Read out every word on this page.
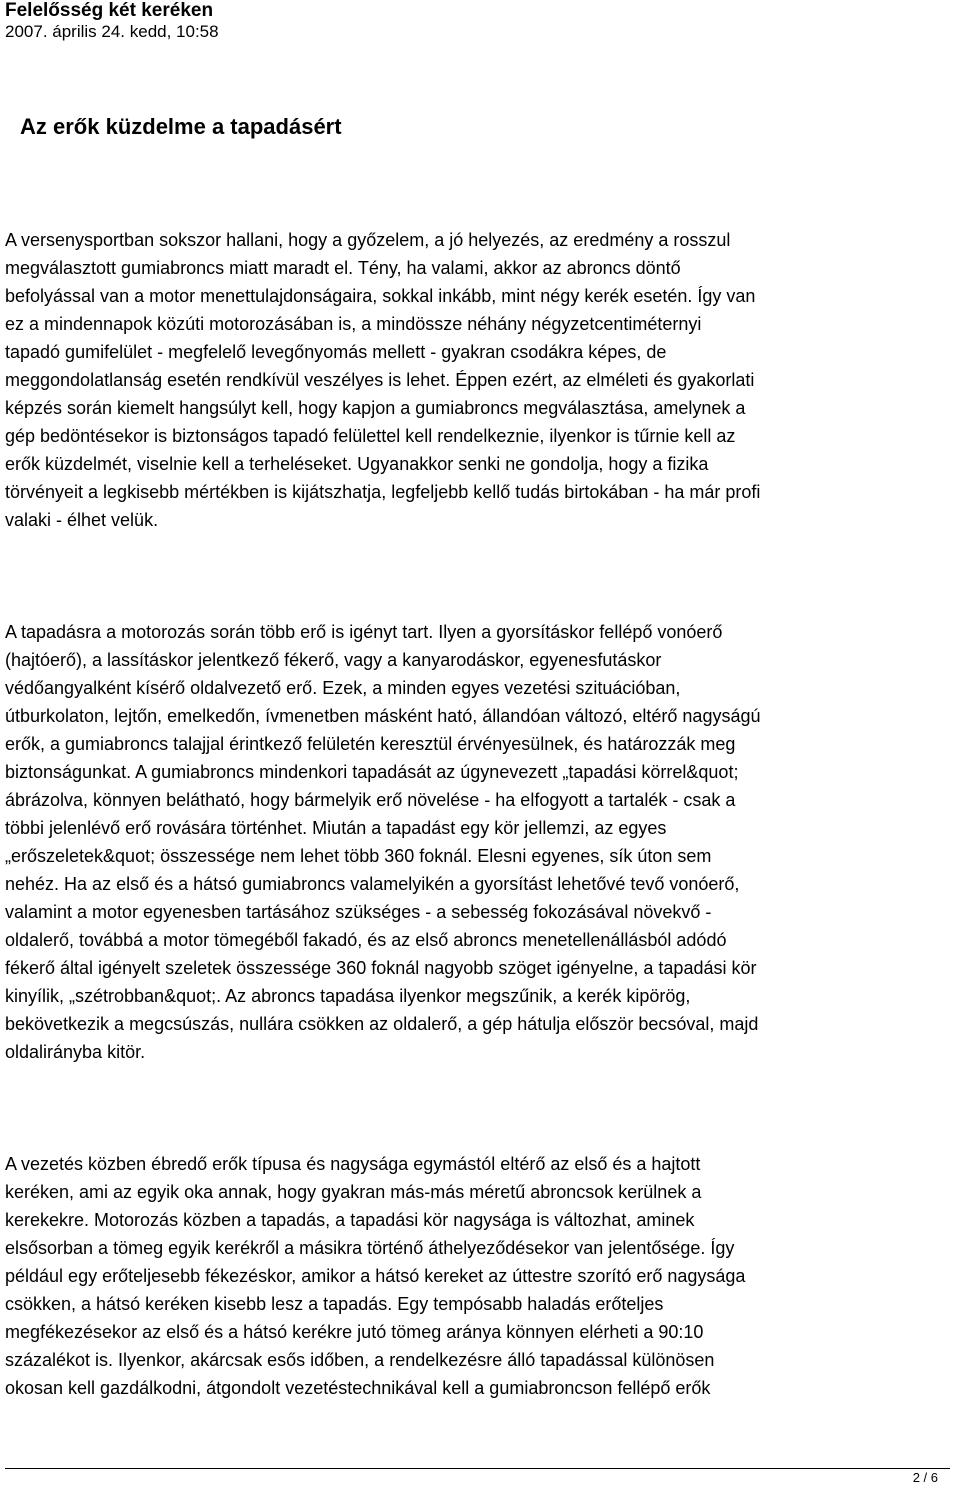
Felelősség két keréken
2007. április 24. kedd, 10:58
Az erők küzdelme a tapadásért
A versenysportban sokszor hallani, hogy a győzelem, a jó helyezés, az eredmény a rosszul
megválasztott gumiabroncs miatt maradt el. Tény, ha valami, akkor az abroncs döntő
befolyással van a motor menettulajdonságaira, sokkal inkább, mint négy kerék esetén. Így van
ez a mindennapok közúti motorozásában is, a mindössze néhány négyzetcentiméternyi
tapadó gumifelület - megfelelő levegőnyomás mellett - gyakran csodákra képes, de
meggondolatlanság esetén rendkívül veszélyes is lehet. Éppen ezért, az elméleti és gyakorlati
képzés során kiemelt hangsúlyt kell, hogy kapjon a gumiabroncs megválasztása, amelynek a
gép bedöntésekor is biztonságos tapadó felülettel kell rendelkeznie, ilyenkor is tűrnie kell az
erők küzdelmét, viselnie kell a terheléseket. Ugyanakkor senki ne gondolja, hogy a fizika
törvényeit a legkisebb mértékben is kijátszhatja, legfeljebb kellő tudás birtokában - ha már profi
valaki - élhet velük.
A tapadásra a motorozás során több erő is igényt tart. Ilyen a gyorsításkor fellépő vonóerő
(hajtóerő), a lassításkor jelentkező fékerő, vagy a kanyarodáskor, egyenesfutáskor
védőangyalként kísérő oldalvezető erő. Ezek, a minden egyes vezetési szituációban,
útburkolaton, lejtőn, emelkedőn, ívmenetben másként ható, állandóan változó, eltérő nagyságú
erők, a gumiabroncs talajjal érintkező felületén keresztül érvényesülnek, és határozzák meg
biztonságunkat. A gumiabroncs mindenkori tapadását az úgynevezett „tapadási körrel&quot;
ábrázolva, könnyen belátható, hogy bármelyik erő növelése - ha elfogyott a tartalék - csak a
többi jelenlévő erő rovására történhet. Miután a tapadást egy kör jellemzi, az egyes
„erőszeletek&quot; összessége nem lehet több 360 foknál. Elesni egyenes, sík úton sem
nehéz. Ha az első és a hátsó gumiabroncs valamelyikén a gyorsítást lehetővé tevő vonóerő,
valamint a motor egyenesben tartásához szükséges - a sebesség fokozásával növekvő -
oldalerő, továbbá a motor tömegéből fakadó, és az első abroncs menetellenállásból adódó
fékerő által igényelt szeletek összessége 360 foknál nagyobb szöget igényelne, a tapadási kör
kinyílik, „szétrobban&quot;. Az abroncs tapadása ilyenkor megszűnik, a kerék kipörög,
bekövetkezik a megcsúszás, nullára csökken az oldalerő, a gép hátulja először becsóval, majd
oldalirányba kitör.
A vezetés közben ébredő erők típusa és nagysága egymástól eltérő az első és a hajtott
keréken, ami az egyik oka annak, hogy gyakran más-más méretű abroncsok kerülnek a
kerekekre. Motorozás közben a tapadás, a tapadási kör nagysága is változhat, aminek
elsősorban a tömeg egyik kerékről a másikra történő áthelyeződésekor van jelentősége. Így
például egy erőteljesebb fékezéskor, amikor a hátsó kereket az úttestre szorító erő nagysága
csökken, a hátsó keréken kisebb lesz a tapadás. Egy tempósabb haladás erőteljes
megfékezésekor az első és a hátsó kerékre jutó tömeg aránya könnyen elérheti a 90:10
százalékot is. Ilyenkor, akárcsak esős időben, a rendelkezésre álló tapadással különösen
okosan kell gazdálkodni, átgondolt vezetéstechnikával kell a gumiabroncson fellépő erők
2 / 6
